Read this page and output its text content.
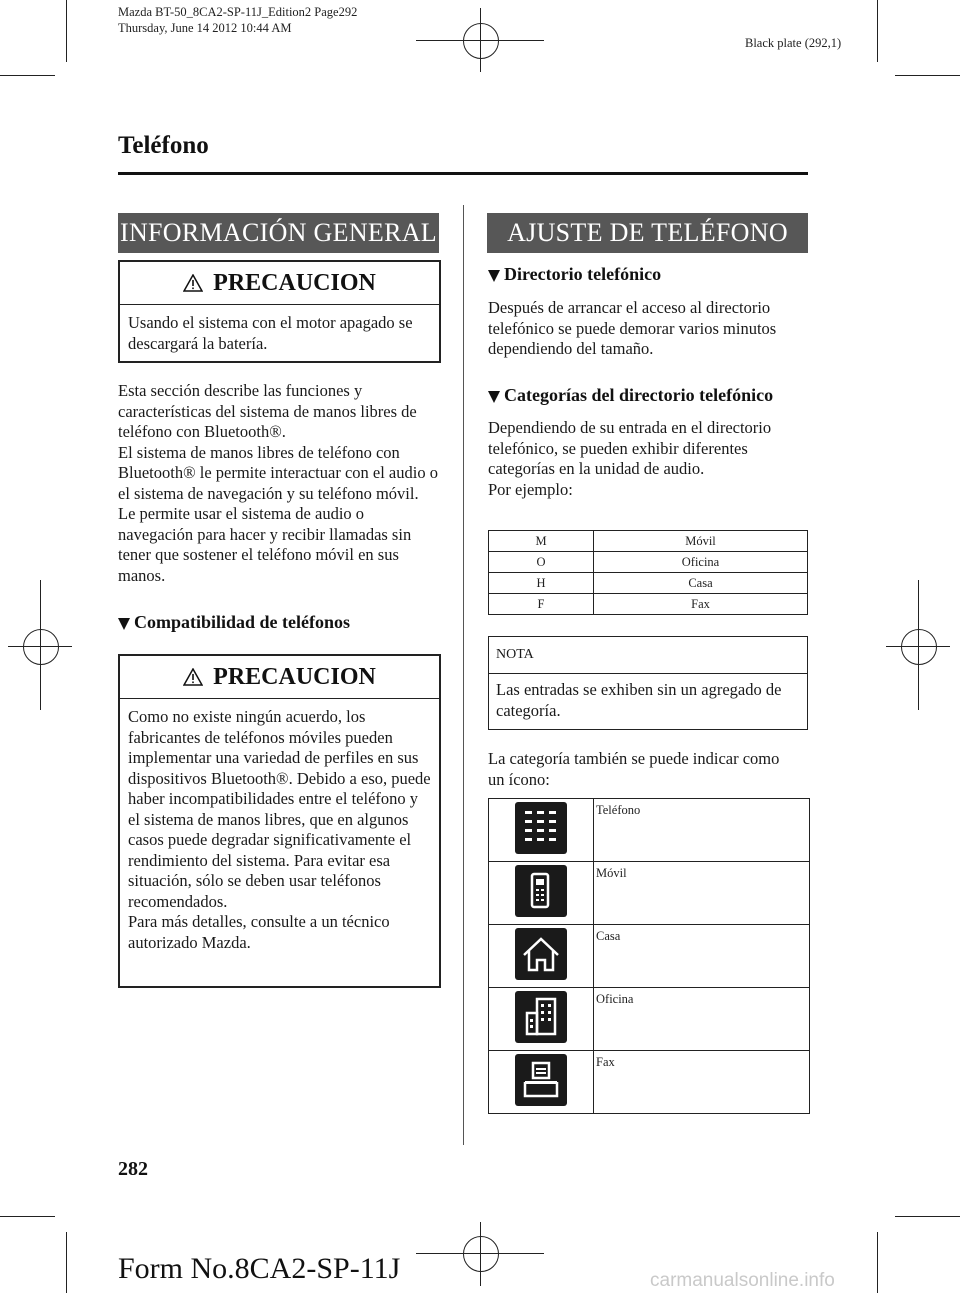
Mazda BT-50_8CA2-SP-11J_Edition2 Page292
Thursday, June 14 2012 10:44 AM
Black plate (292,1)
Teléfono
INFORMACIÓN GENERAL
PRECAUCION
Usando el sistema con el motor apagado se descargará la batería.
Esta sección describe las funciones y características del sistema de manos libres de teléfono con Bluetooth®.
El sistema de manos libres de teléfono con Bluetooth® le permite interactuar con el audio o el sistema de navegación y su teléfono móvil. Le permite usar el sistema de audio o navegación para hacer y recibir llamadas sin tener que sostener el teléfono móvil en sus manos.
Compatibilidad de teléfonos
PRECAUCION
Como no existe ningún acuerdo, los fabricantes de teléfonos móviles pueden implementar una variedad de perfiles en sus dispositivos Bluetooth®. Debido a eso, puede haber incompatibilidades entre el teléfono y el sistema de manos libres, que en algunos casos puede degradar significativamente el rendimiento del sistema. Para evitar esa situación, sólo se deben usar teléfonos recomendados.
Para más detalles, consulte a un técnico autorizado Mazda.
AJUSTE DE TELÉFONO
Directorio telefónico
Después de arrancar el acceso al directorio telefónico se puede demorar varios minutos dependiendo del tamaño.
Categorías del directorio telefónico
Dependiendo de su entrada en el directorio telefónico, se pueden exhibir diferentes categorías en la unidad de audio.
Por ejemplo:
M	Móvil
O	Oficina
H	Casa
F	Fax
NOTA
Las entradas se exhiben sin un agregado de categoría.
La categoría también se puede indicar como un ícono:
	Teléfono
	Móvil
	Casa
	Oficina
	Fax
282
Form No.8CA2-SP-11J	carmanualsonline.info
